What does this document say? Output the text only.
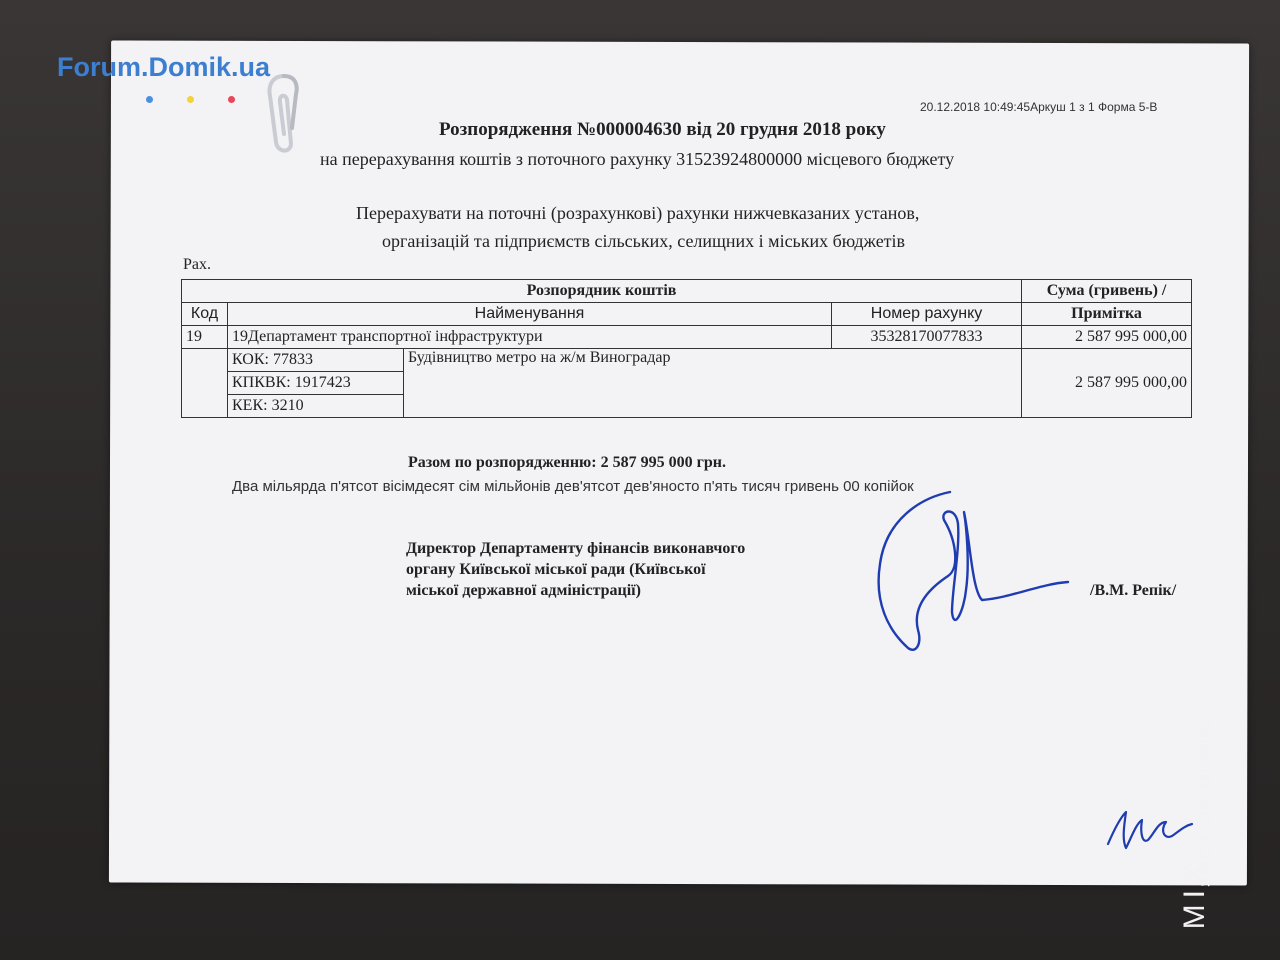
Forum.Domik.ua
20.12.2018 10:49:45Аркуш 1 з 1 Форма 5-В
Розпорядження №000004630 від 20 грудня 2018 року
на перерахування коштів з поточного рахунку 31523924800000 місцевого бюджету
Перерахувати на поточні (розрахункові) рахунки нижчевказаних установ,
організацій та підприємств сільських, селищних і міських бюджетів
Рах.
Розпорядник коштів				Сума (гривень) /
Код	Найменування		Номер рахунку	Примітка
19	19Департамент транспортної інфраструктури		35328170077833	2 587 995 000,00
	КОК: 77833	Будівництво метро на ж/м Виноградар		2 587 995 000,00
	КПКВК: 1917423			
	КЕК: 3210			
Разом по розпорядженню: 2 587 995 000 грн.
Два мільярда п'ятсот вісімдесят сім мільйонів дев'ятсот дев'яносто п'ять тисяч гривень 00 копійок
Директор Департаменту фінансів виконавчого
органу Київської міської ради (Київської
міської державної адміністрації)	/В.М. Репік/
SHOT ON MI MIX2
MIX
